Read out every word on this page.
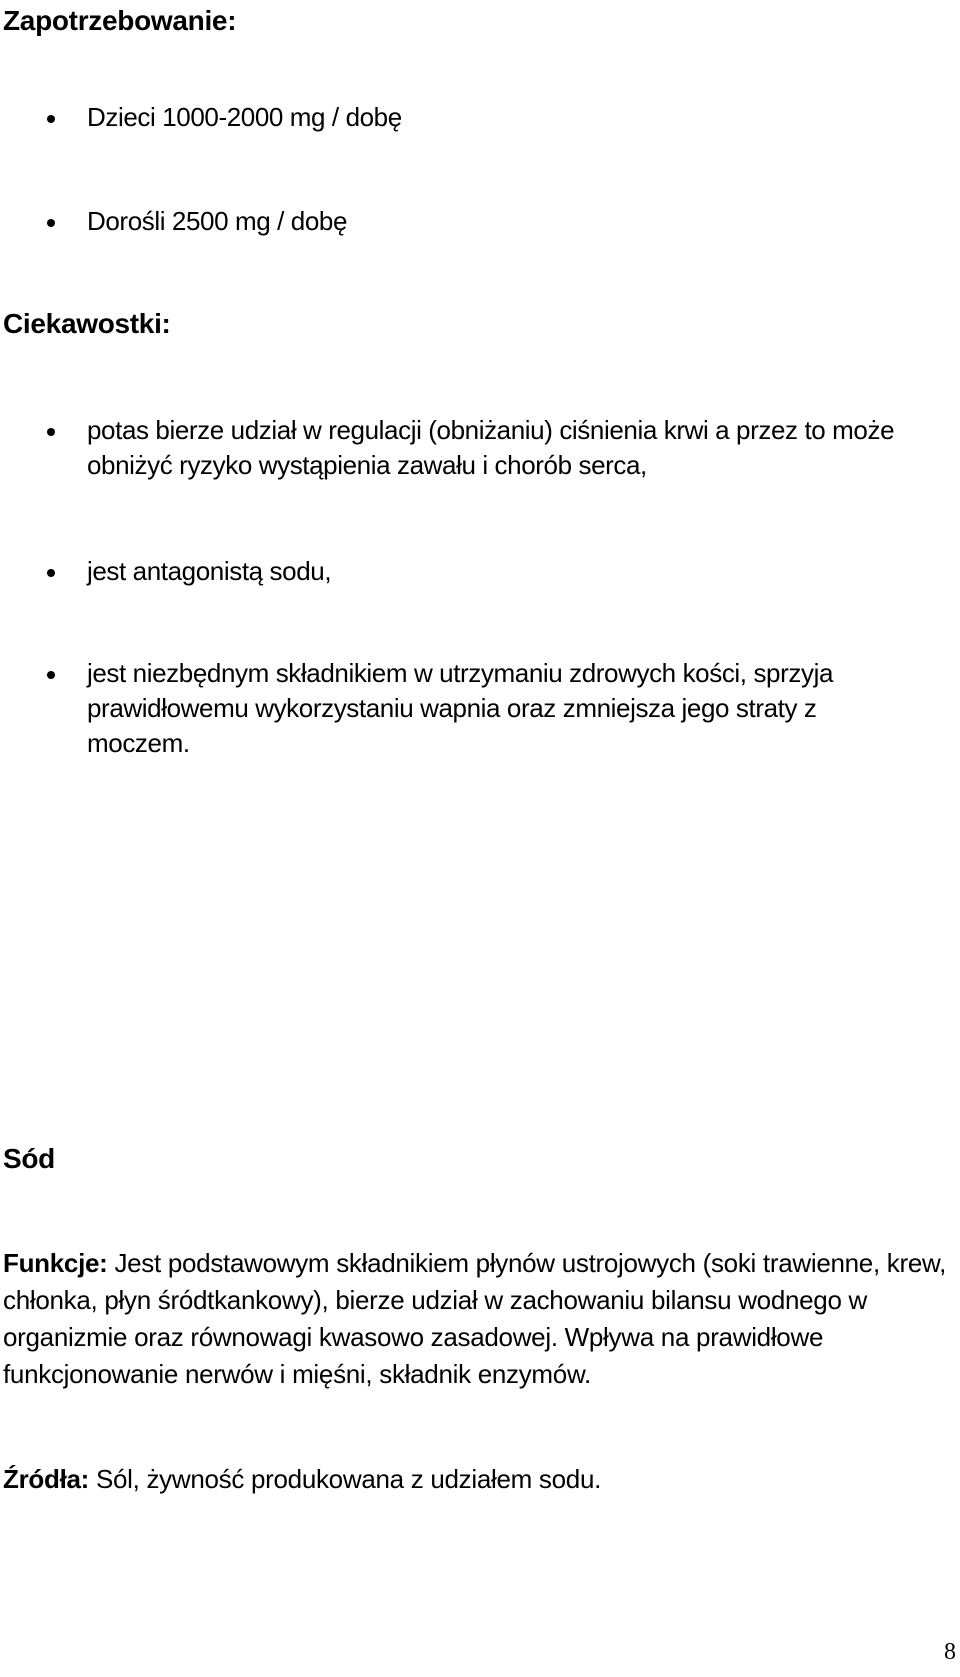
Zapotrzebowanie:
Dzieci 1000-2000 mg / dobę
Dorośli 2500 mg / dobę
Ciekawostki:
potas bierze udział w regulacji (obniżaniu) ciśnienia krwi a przez to może obniżyć ryzyko wystąpienia zawału i chorób serca,
jest antagonistą sodu,
jest niezbędnym składnikiem w utrzymaniu zdrowych kości, sprzyja prawidłowemu wykorzystaniu wapnia oraz zmniejsza jego straty z moczem.
Sód

Funkcje: Jest podstawowym składnikiem płynów ustrojowych (soki trawienne, krew, chłonka, płyn śródtkankowy), bierze udział w zachowaniu bilansu wodnego w organizmie oraz równowagi kwasowo zasadowej. Wpływa na prawidłowe funkcjonowanie nerwów i mięśni, składnik enzymów.

Źródła: Sól, żywność produkowana z udziałem sodu.

8
